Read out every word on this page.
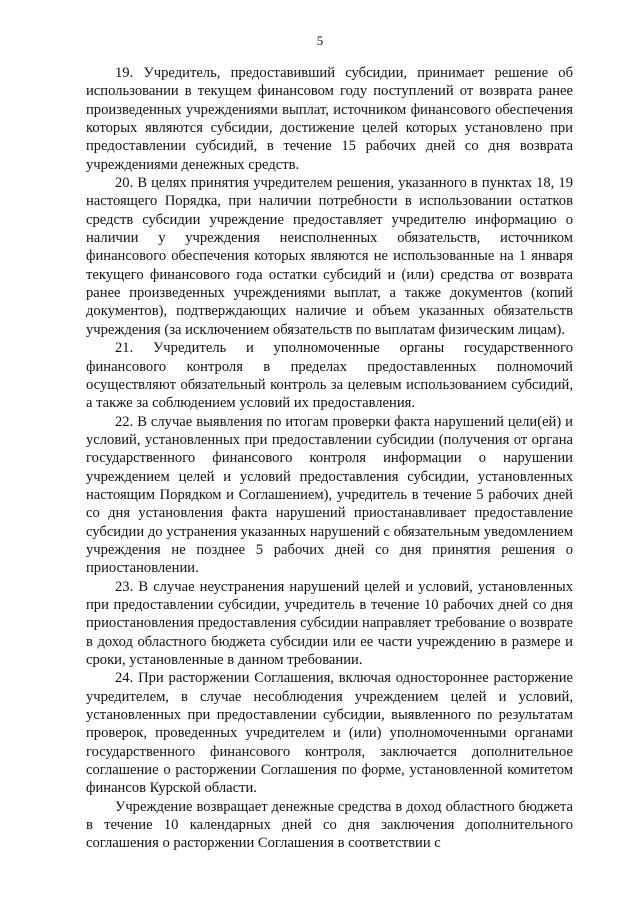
5

19. Учредитель, предоставивший субсидии, принимает решение об использовании в текущем финансовом году поступлений от возврата ранее произведенных учреждениями выплат, источником финансового обеспечения которых являются субсидии, достижение целей которых установлено при предоставлении субсидий, в течение 15 рабочих дней со дня возврата учреждениями денежных средств.

20. В целях принятия учредителем решения, указанного в пунктах 18, 19 настоящего Порядка, при наличии потребности в использовании остатков средств субсидии учреждение предоставляет учредителю информацию о наличии у учреждения неисполненных обязательств, источником финансового обеспечения которых являются не использованные на 1 января текущего финансового года остатки субсидий и (или) средства от возврата ранее произведенных учреждениями выплат, а также документов (копий документов), подтверждающих наличие и объем указанных обязательств учреждения (за исключением обязательств по выплатам физическим лицам).

21. Учредитель и уполномоченные органы государственного финансового контроля в пределах предоставленных полномочий осуществляют обязательный контроль за целевым использованием субсидий, а также за соблюдением условий их предоставления.

22. В случае выявления по итогам проверки факта нарушений цели(ей) и условий, установленных при предоставлении субсидии (получения от органа государственного финансового контроля информации о нарушении учреждением целей и условий предоставления субсидии, установленных настоящим Порядком и Соглашением), учредитель в течение 5 рабочих дней со дня установления факта нарушений приостанавливает предоставление субсидии до устранения указанных нарушений с обязательным уведомлением учреждения не позднее 5 рабочих дней со дня принятия решения о приостановлении.

23. В случае неустранения нарушений целей и условий, установленных при предоставлении субсидии, учредитель в течение 10 рабочих дней со дня приостановления предоставления субсидии направляет требование о возврате в доход областного бюджета субсидии или ее части учреждению в размере и сроки, установленные в данном требовании.

24. При расторжении Соглашения, включая одностороннее расторжение учредителем, в случае несоблюдения учреждением целей и условий, установленных при предоставлении субсидии, выявленного по результатам проверок, проведенных учредителем и (или) уполномоченными органами государственного финансового контроля, заключается дополнительное соглашение о расторжении Соглашения по форме, установленной комитетом финансов Курской области.

Учреждение возвращает денежные средства в доход областного бюджета в течение 10 календарных дней со дня заключения дополнительного соглашения о расторжении Соглашения в соответствии с
